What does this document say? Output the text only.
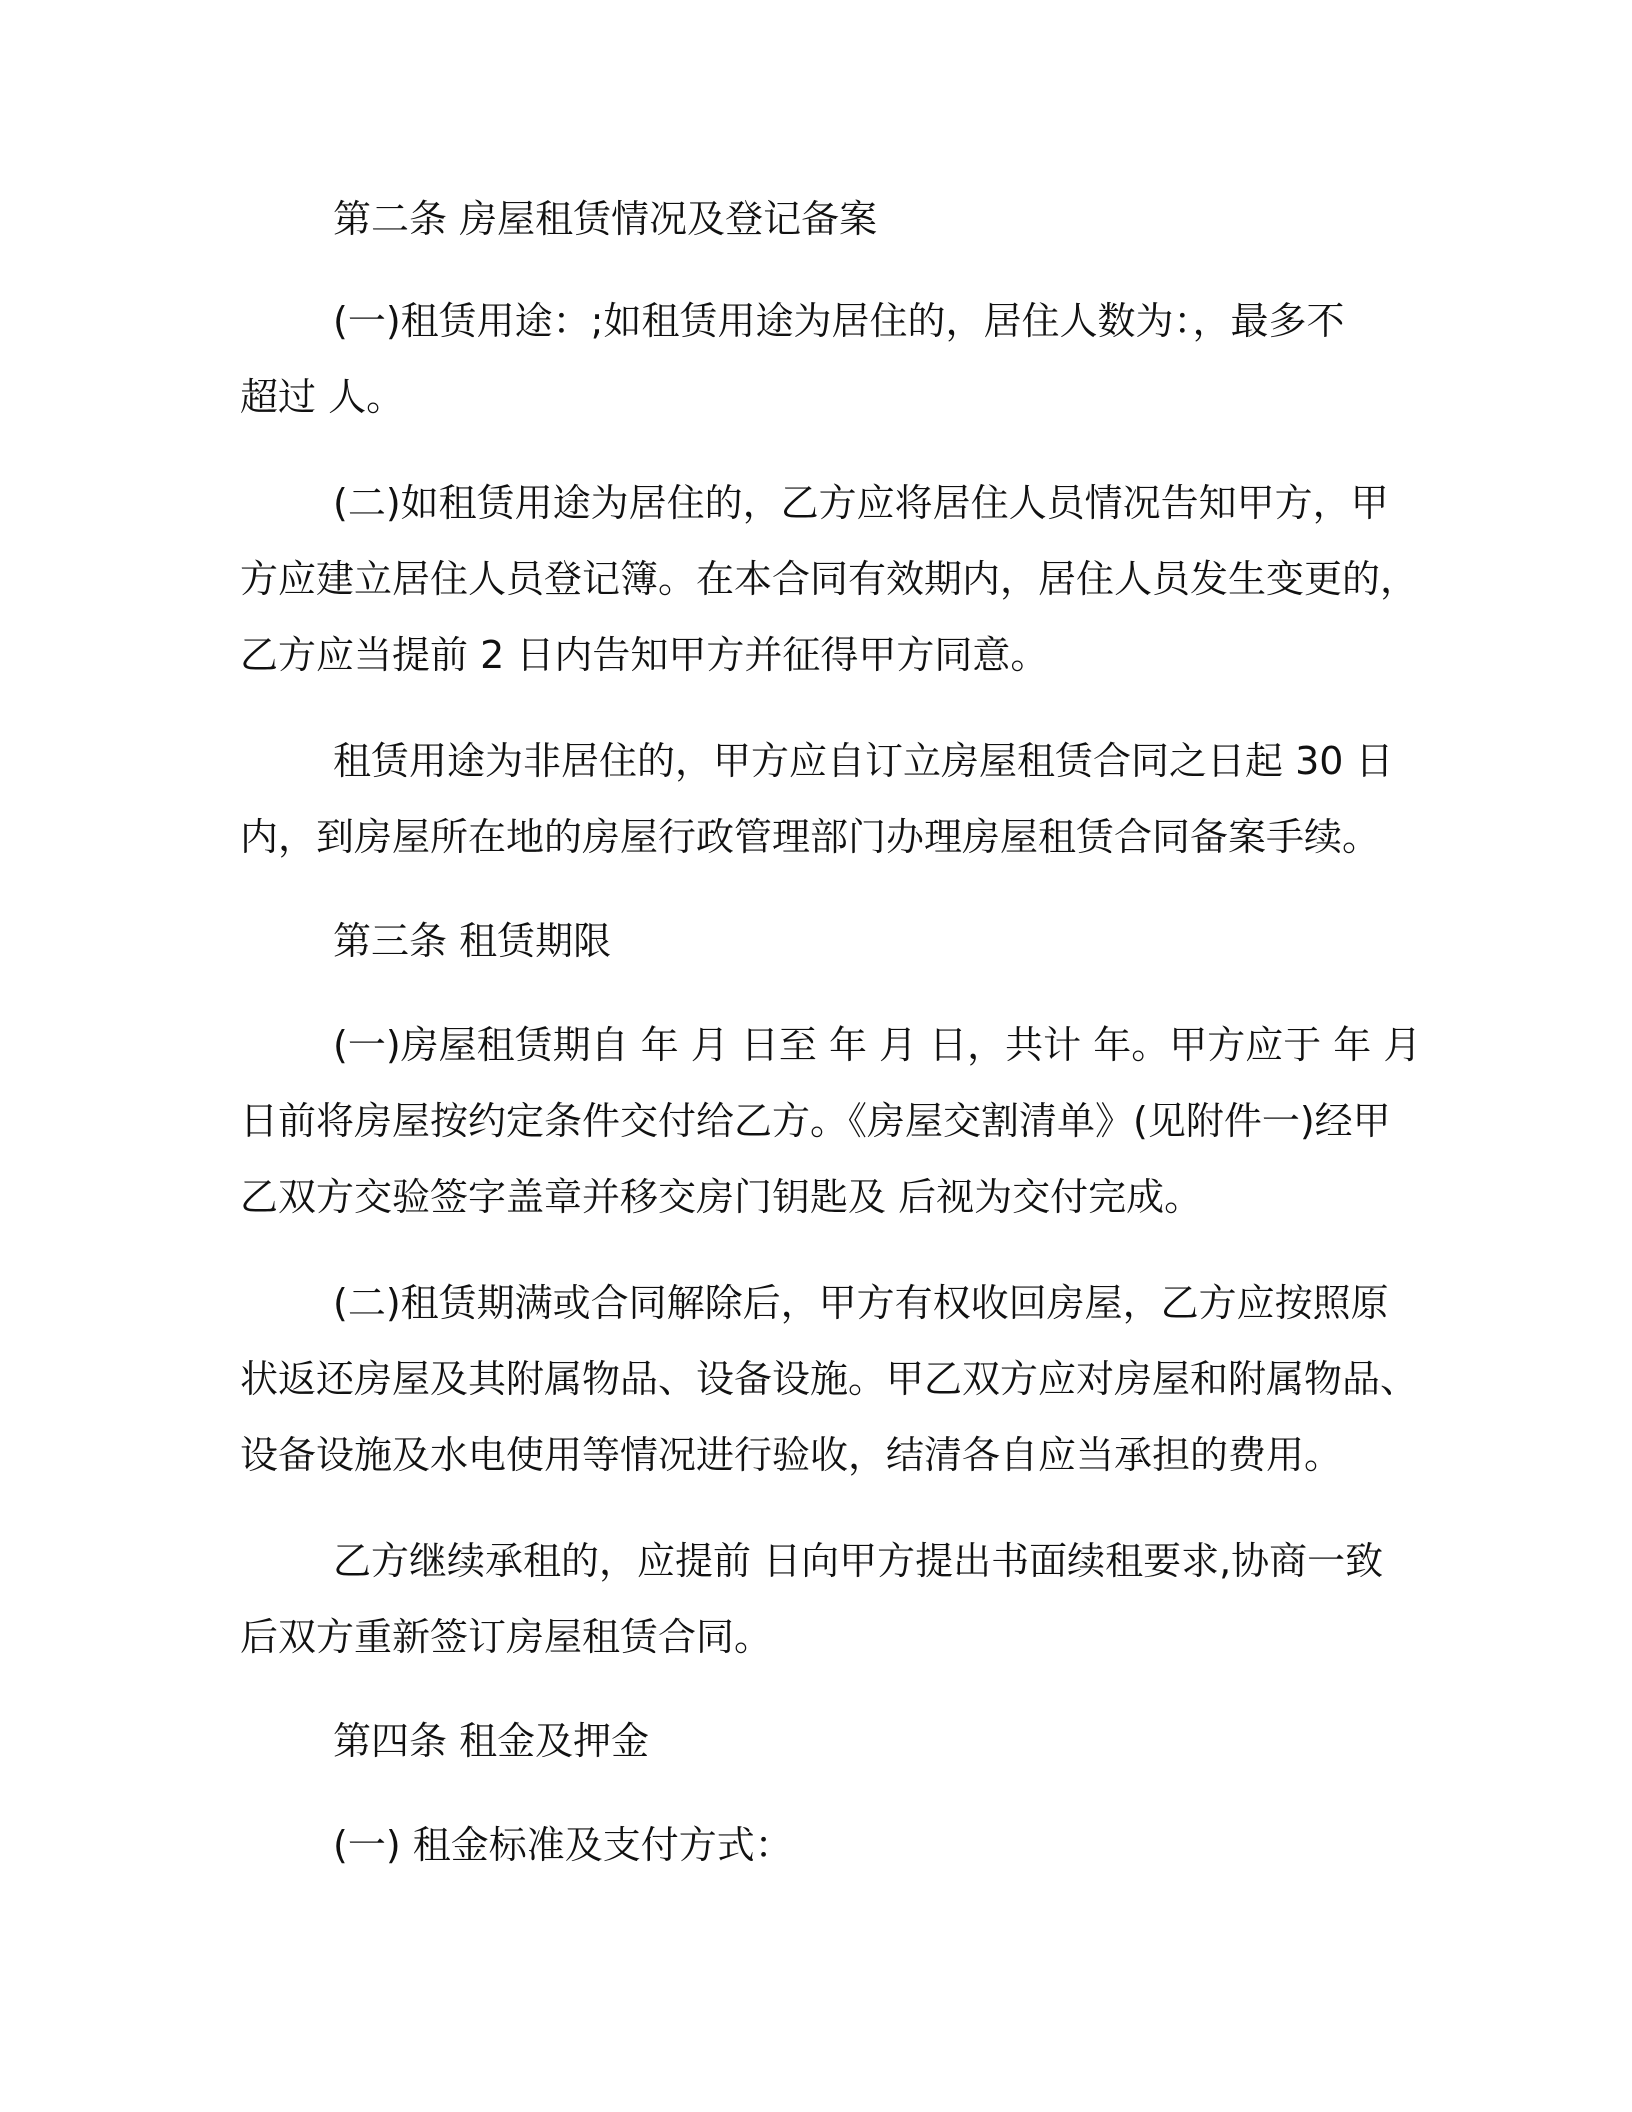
第二条 房屋租赁情况及登记备案

(一)租赁用途：;如租赁用途为居住的，居住人数为：，最多不

超过 人。

(二)如租赁用途为居住的，乙方应将居住人员情况告知甲方，甲

方应建立居住人员登记簿。在本合同有效期内，居住人员发生变更的，

乙方应当提前 2 日内告知甲方并征得甲方同意。

租赁用途为非居住的，甲方应自订立房屋租赁合同之日起 30 日

内，到房屋所在地的房屋行政管理部门办理房屋租赁合同备案手续。

第三条 租赁期限

(一)房屋租赁期自 年 月 日至 年 月 日，共计 年。甲方应于 年 月

日前将房屋按约定条件交付给乙方。《房屋交割清单》(见附件一)经甲

乙双方交验签字盖章并移交房门钥匙及 后视为交付完成。

(二)租赁期满或合同解除后，甲方有权收回房屋，乙方应按照原

状返还房屋及其附属物品、设备设施。甲乙双方应对房屋和附属物品、

设备设施及水电使用等情况进行验收，结清各自应当承担的费用。

乙方继续承租的，应提前 日向甲方提出书面续租要求,协商一致

后双方重新签订房屋租赁合同。

第四条 租金及押金

(一) 租金标准及支付方式：
